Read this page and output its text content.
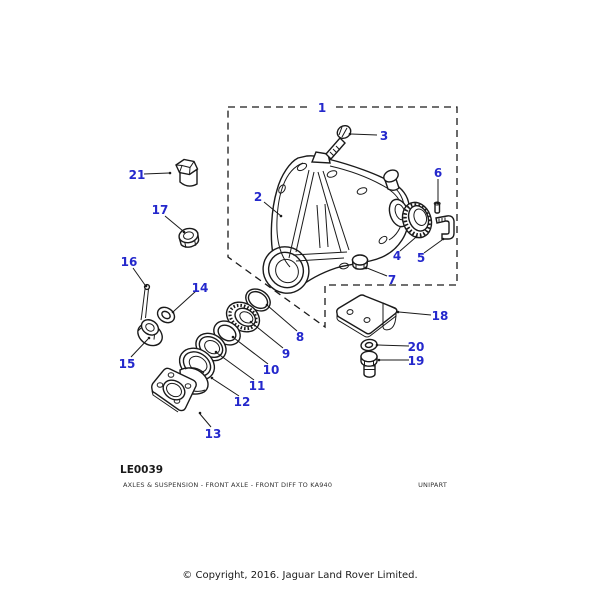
1
2
3
4 5
6
7
8
9
10
11
12
13
14
15
16
17
18
19
20
21
LE0039
AXLES & SUSPENSION - FRONT AXLE - FRONT DIFF TO KA940	UNIPART
© Copyright, 2016. Jaguar Land Rover Limited.
